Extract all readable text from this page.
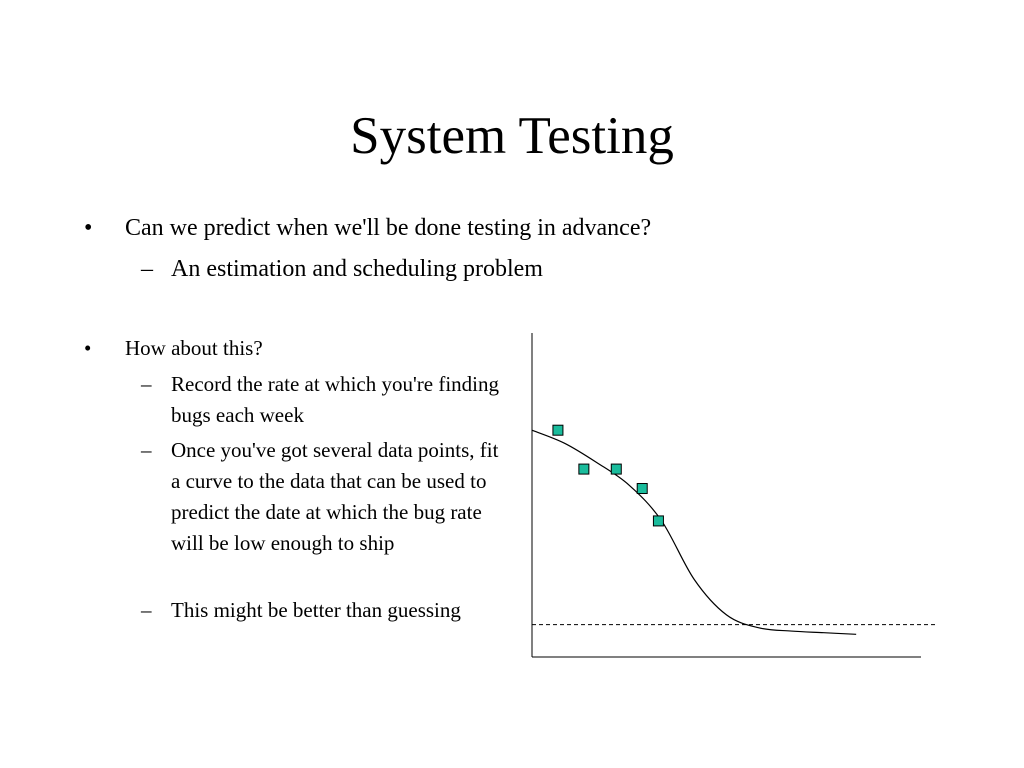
System Testing
• Can we predict when we'll be done testing in advance?
– An estimation and scheduling problem
• How about this?
– Record the rate at which you're finding bugs each week
– Once you've got several data points, fit a curve to the data that can be used to predict the date at which the bug rate will be low enough to ship
– This might be better than guessing
